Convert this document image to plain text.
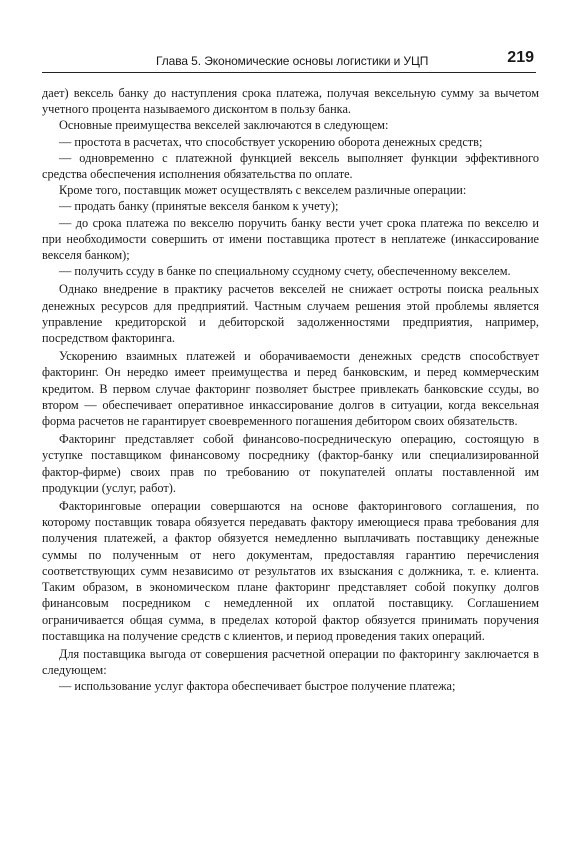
Глава 5. Экономические основы логистики и УЦП	219

дает) вексель банку до наступления срока платежа, получая вексельную сумму за вычетом учетного процента называемого дисконтом в пользу банка.

Основные преимущества векселей заключаются в следующем:

— простота в расчетах, что способствует ускорению оборота денежных средств;

— одновременно с платежной функцией вексель выполняет функции эффективного средства обеспечения исполнения обязательства по оплате.

Кроме того, поставщик может осуществлять с векселем различные операции:

— продать банку (принятые векселя банком к учету);

— до срока платежа по векселю поручить банку вести учет срока платежа по векселю и при необходимости совершить от имени поставщика протест в неплатеже (инкассирование векселя банком);

— получить ссуду в банке по специальному ссудному счету, обеспеченному векселем.

Однако внедрение в практику расчетов векселей не снижает остроты поиска реальных денежных ресурсов для предприятий. Частным случаем решения этой проблемы является управление кредиторской и дебиторской задолженностями предприятия, например, посредством факторинга.

Ускорению взаимных платежей и оборачиваемости денежных средств способствует факторинг. Он нередко имеет преимущества и перед банковским, и перед коммерческим кредитом. В первом случае факторинг позволяет быстрее привлекать банковские ссуды, во втором — обеспечивает оперативное инкассирование долгов в ситуации, когда вексельная форма расчетов не гарантирует своевременного погашения дебитором своих обязательств.

Факторинг представляет собой финансово-посредническую операцию, состоящую в уступке поставщиком финансовому посреднику (фактор-банку или специализированной фактор-фирме) своих прав по требованию от покупателей оплаты поставленной им продукции (услуг, работ).

Факторинговые операции совершаются на основе факторингового соглашения, по которому поставщик товара обязуется передавать фактору имеющиеся права требования для получения платежей, а фактор обязуется немедленно выплачивать поставщику денежные суммы по полученным от него документам, предоставляя гарантию перечисления соответствующих сумм независимо от результатов их взыскания с должника, т. е. клиента. Таким образом, в экономическом плане факторинг представляет собой покупку долгов финансовым посредником с немедленной их оплатой поставщику. Соглашением ограничивается общая сумма, в пределах которой фактор обязуется принимать поручения поставщика на получение средств с клиентов, и период проведения таких операций.

Для поставщика выгода от совершения расчетной операции по факторингу заключается в следующем:

— использование услуг фактора обеспечивает быстрое получение платежа;
